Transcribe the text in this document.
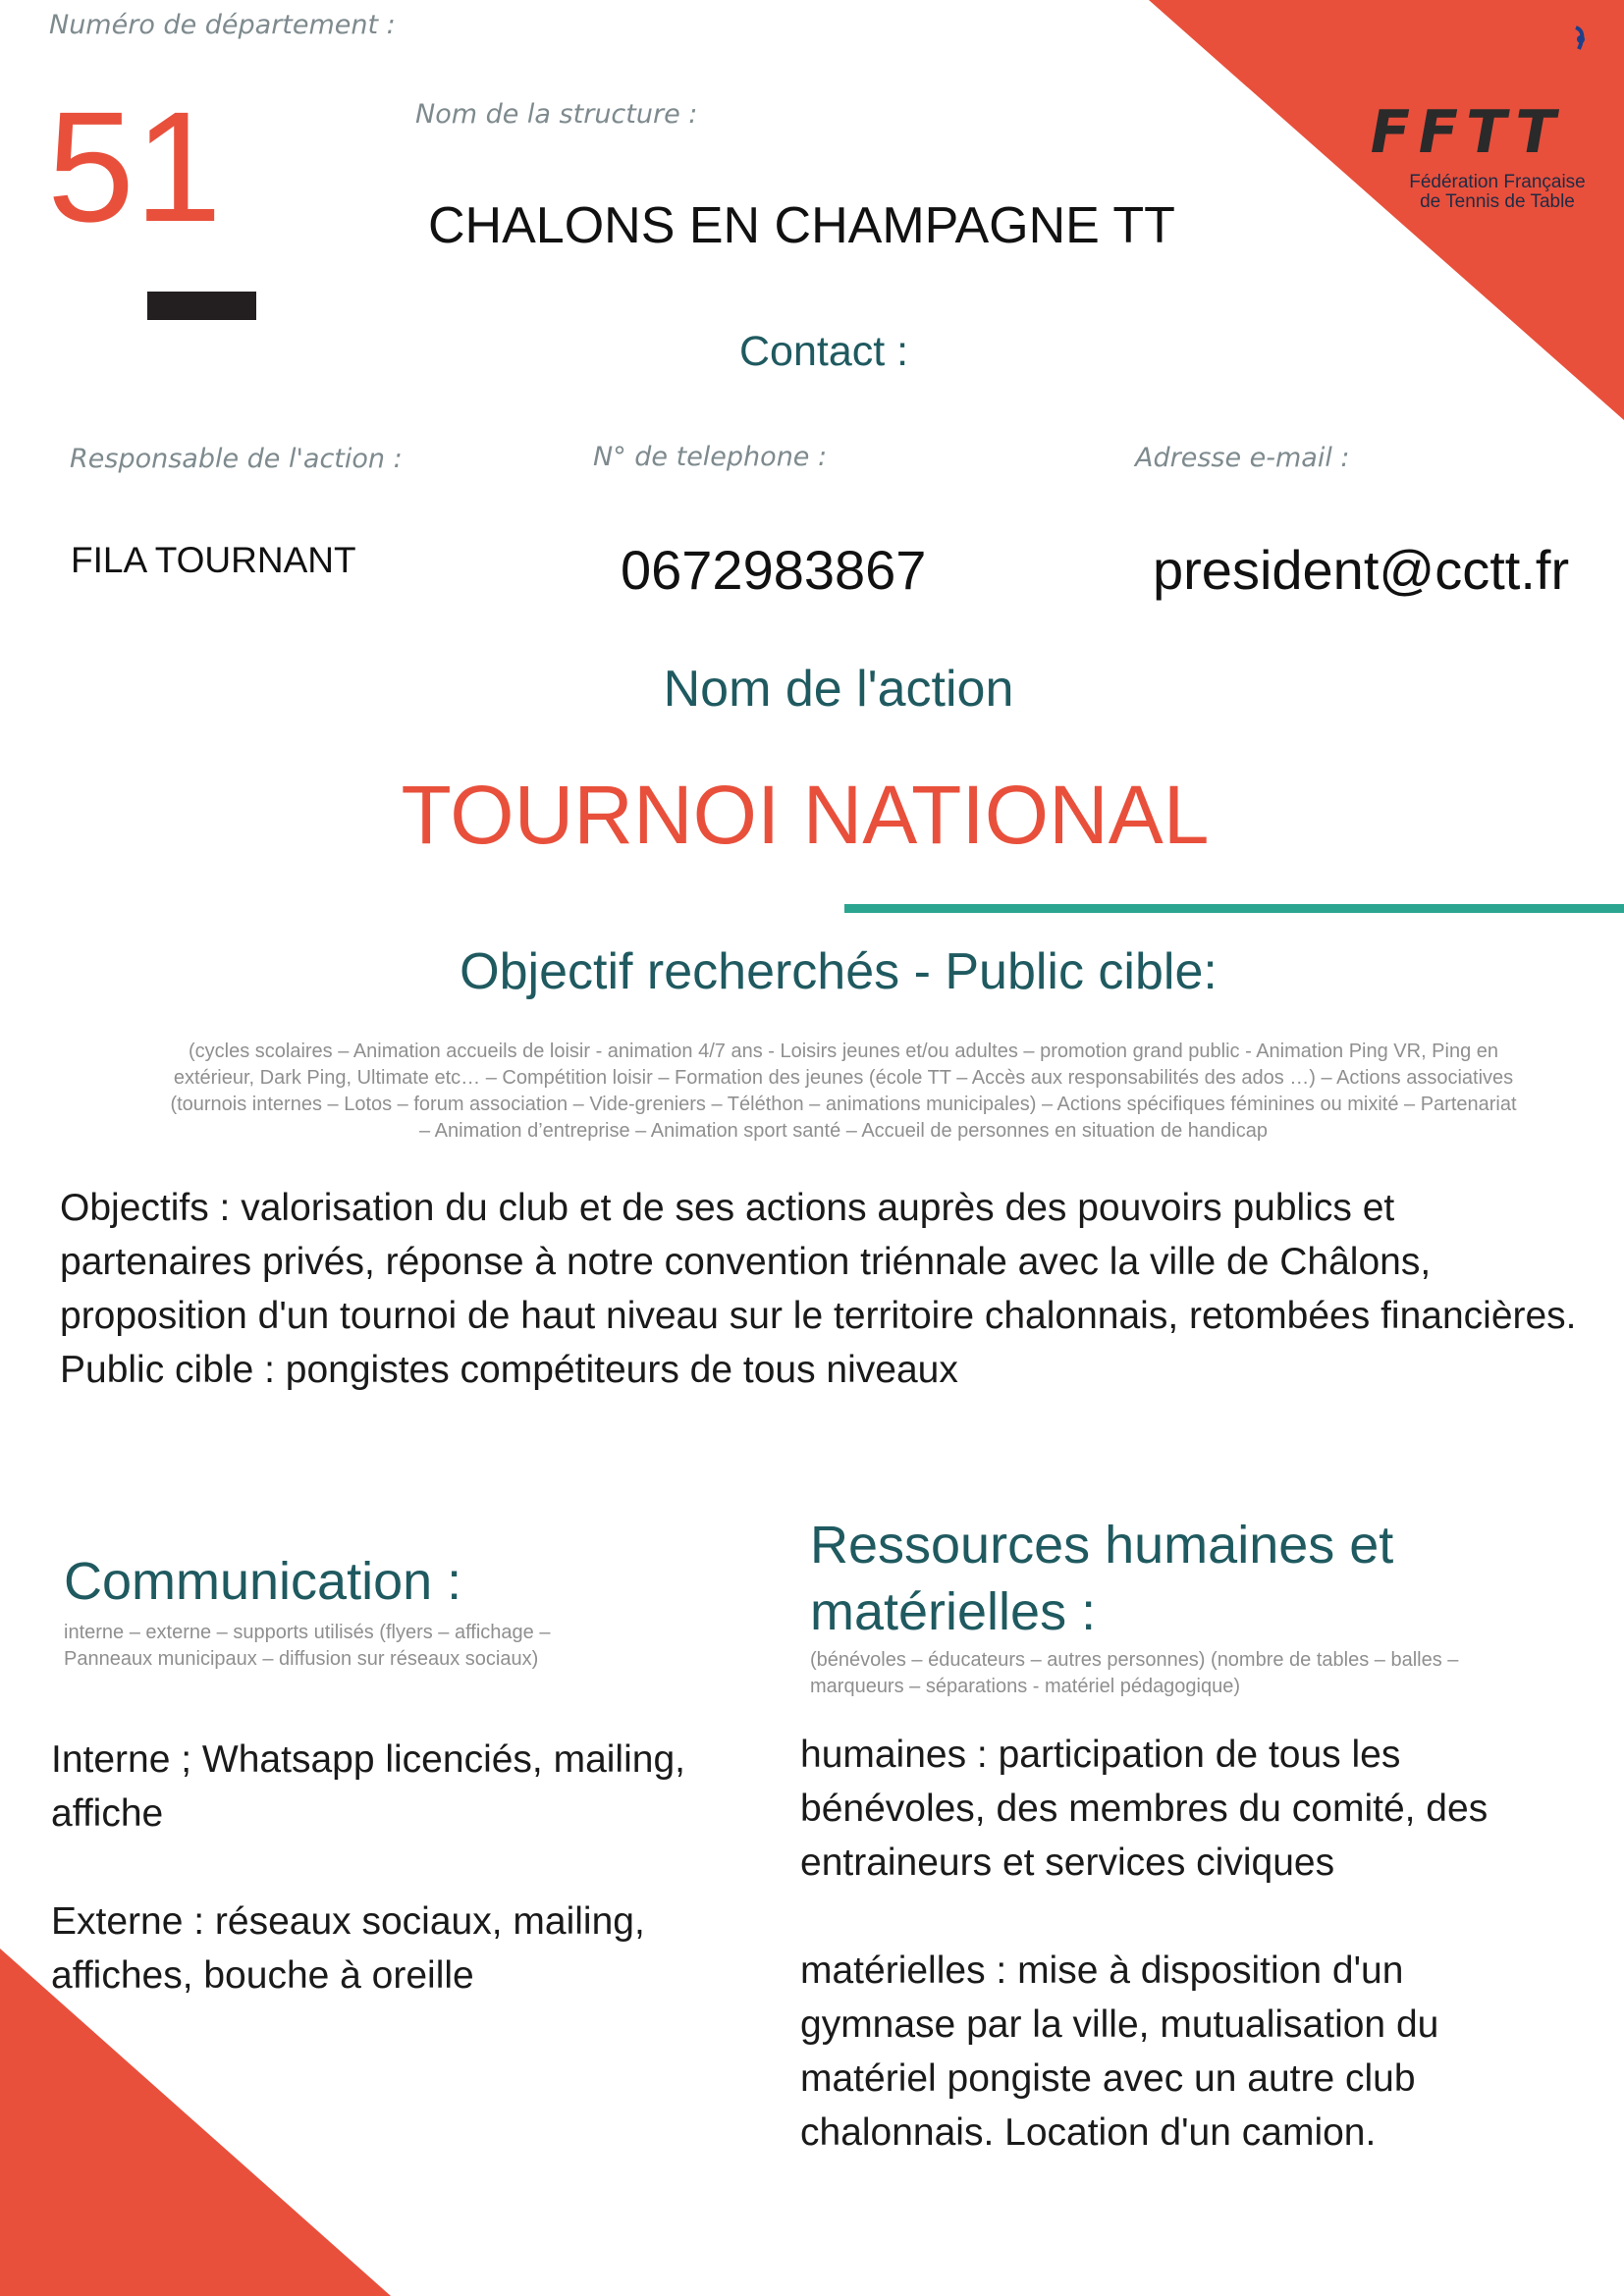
FFTT
Fédération Française
de Tennis de Table
Numéro de département :
51	Nom de la structure :
CHALONS EN CHAMPAGNE TT
Contact :
Responsable de l'action :	N° de telephone :	Adresse e-mail :
FILA TOURNANT	0672983867	president@cctt.fr
Nom de l'action
TOURNOI NATIONAL
Objectif recherchés - Public cible:
(cycles scolaires – Animation accueils de loisir - animation 4/7 ans - Loisirs jeunes et/ou adultes – promotion grand public - Animation Ping VR, Ping en extérieur, Dark Ping, Ultimate etc… – Compétition loisir – Formation des jeunes (école TT – Accès aux responsabilités des ados …) – Actions associatives (tournois internes – Lotos – forum association – Vide-greniers – Téléthon – animations municipales) – Actions spécifiques féminines ou mixité – Partenariat – Animation d’entreprise – Animation sport santé – Accueil de personnes en situation de handicap
Objectifs : valorisation du club et de ses actions auprès des pouvoirs publics et partenaires privés, réponse à notre convention triénnale avec la ville de Châlons, proposition d'un tournoi de haut niveau sur le territoire chalonnais, retombées financières.
Public cible : pongistes compétiteurs de tous niveaux
Communication :
interne – externe – supports utilisés (flyers – affichage – Panneaux municipaux – diffusion sur réseaux sociaux)
Interne ; Whatsapp licenciés, mailing, affiche

Externe : réseaux sociaux, mailing, affiches, bouche à oreille
Ressources humaines et matérielles :
(bénévoles – éducateurs – autres personnes) (nombre de tables – balles – marqueurs – séparations - matériel pédagogique)
humaines : participation de tous les bénévoles, des membres du comité, des entraineurs et services civiques

matérielles : mise à disposition d'un gymnase par la ville, mutualisation du matériel pongiste avec un autre club chalonnais. Location d'un camion.
